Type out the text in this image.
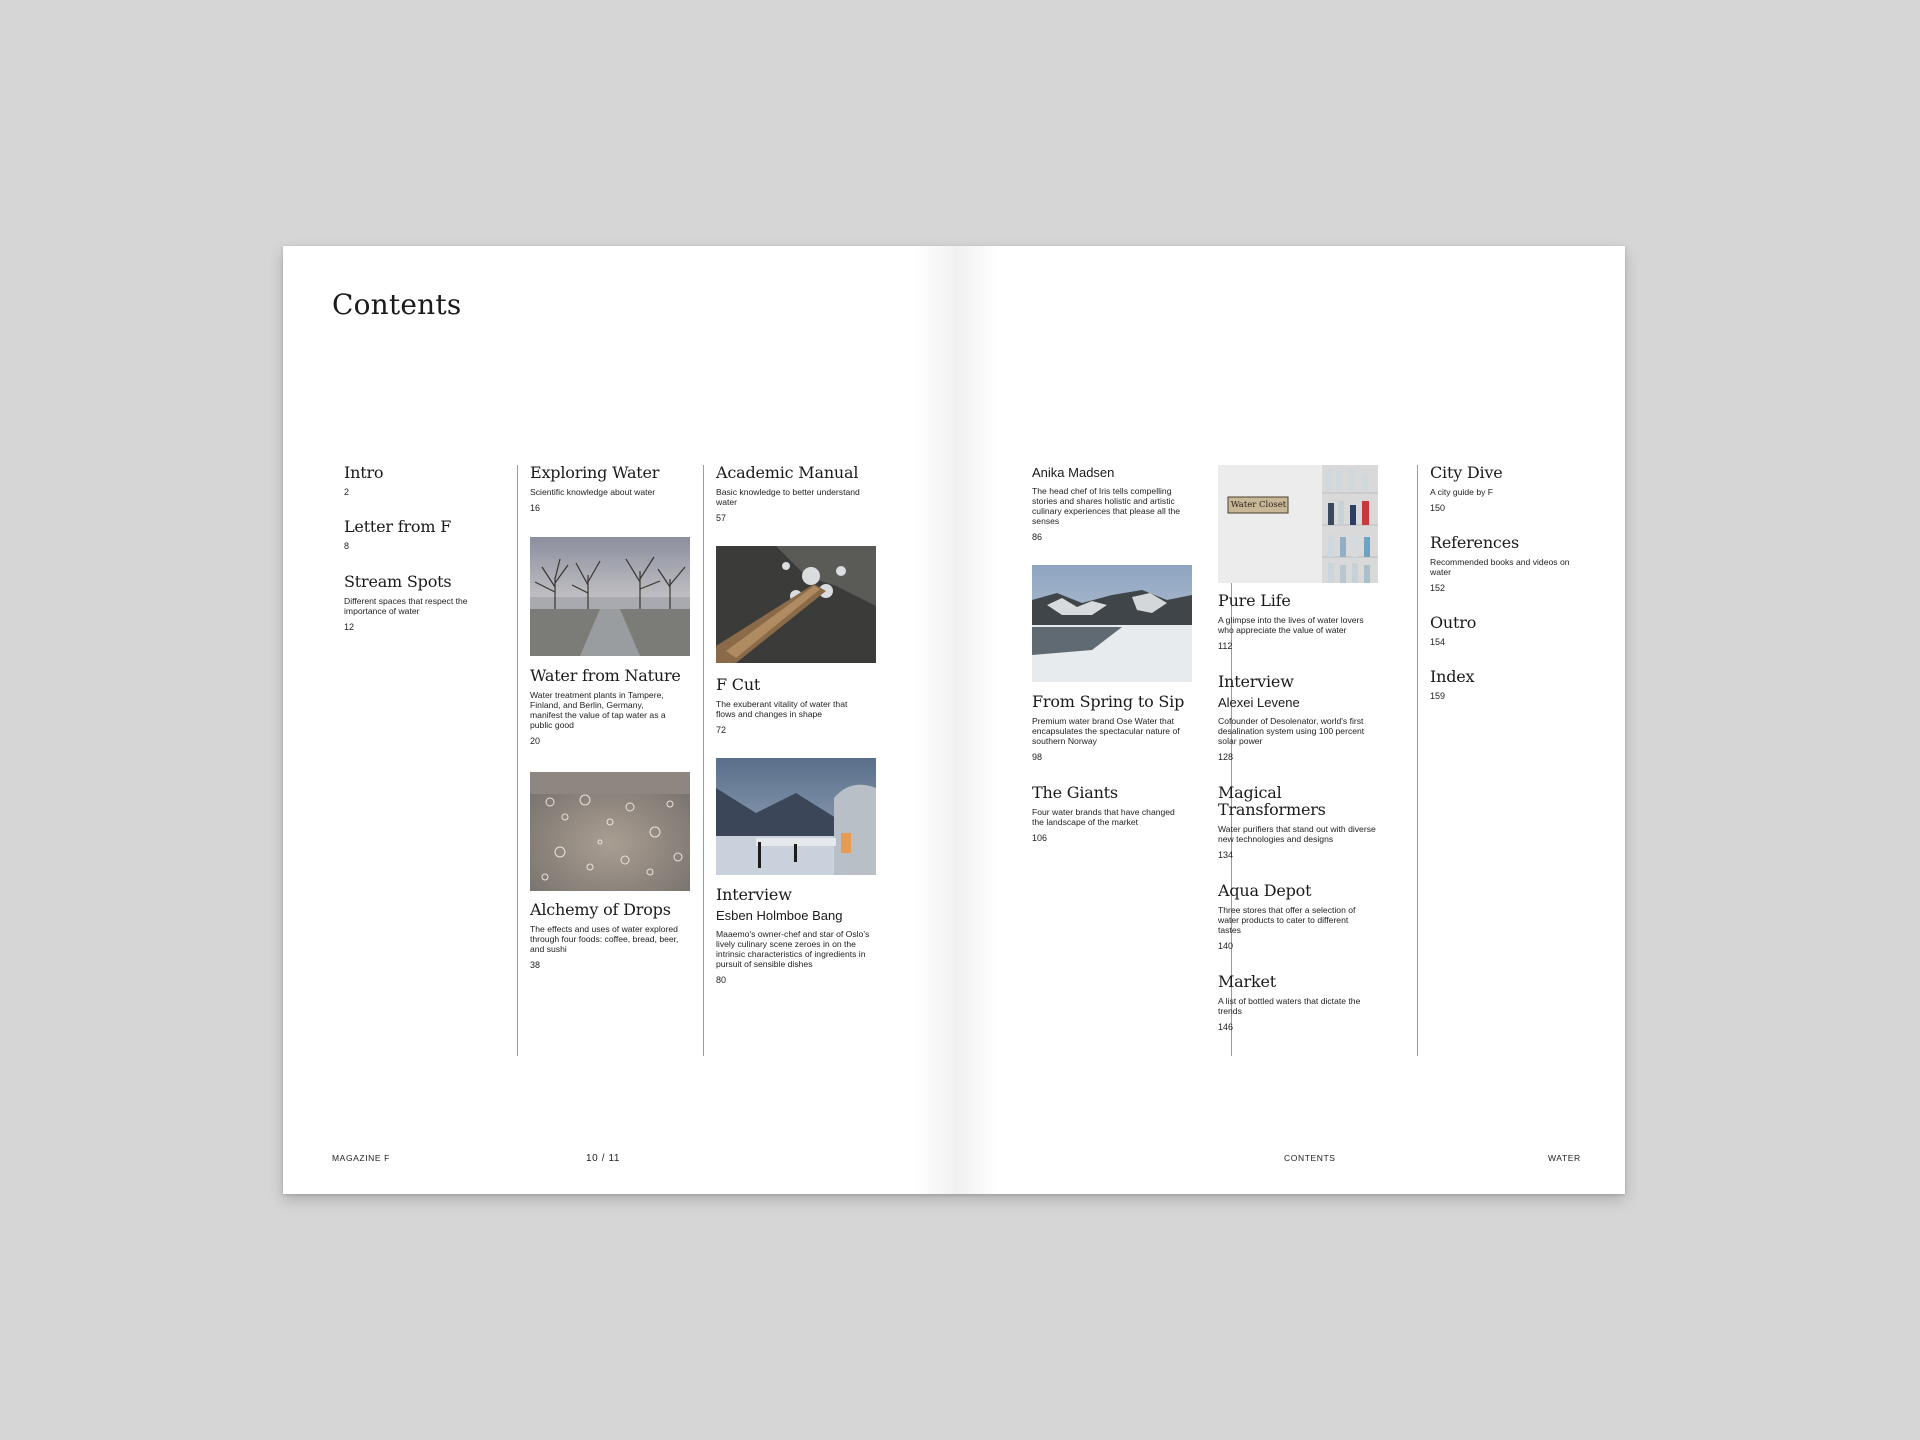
Contents
Intro
2
Letter from F
8
Stream Spots
Different spaces that respect the importance of water
12
Exploring Water
Scientific knowledge about water
16
Water from Nature
Water treatment plants in Tampere, Finland, and Berlin, Germany, manifest the value of tap water as a public good
20
Alchemy of Drops
The effects and uses of water explored through four foods: coffee, bread, beer, and sushi
38
Academic Manual
Basic knowledge to better understand water
57
F Cut
The exuberant vitality of water that flows and changes in shape
72
Interview
Esben Holmboe Bang
Maaemo's owner-chef and star of Oslo's lively culinary scene zeroes in on the intrinsic characteristics of ingredients in pursuit of sensible dishes
80
MAGAZINE F	10 / 11
Anika Madsen
The head chef of Iris tells compelling stories and shares holistic and artistic culinary experiences that please all the senses
86
From Spring to Sip
Premium water brand Ose Water that encapsulates the spectacular nature of southern Norway
98
The Giants
Four water brands that have changed the landscape of the market
106
Water Closet
Pure Life
A glimpse into the lives of water lovers who appreciate the value of water
112
Interview
Alexei Levene
Cofounder of Desolenator, world's first desalination system using 100 percent solar power
128
Magical Transformers
Water purifiers that stand out with diverse new technologies and designs
134
Aqua Depot
Three stores that offer a selection of water products to cater to different tastes
140
Market
A list of bottled waters that dictate the trends
146
City Dive
A city guide by F
150
References
Recommended books and videos on water
152
Outro
154
Index
159
CONTENTS	WATER
